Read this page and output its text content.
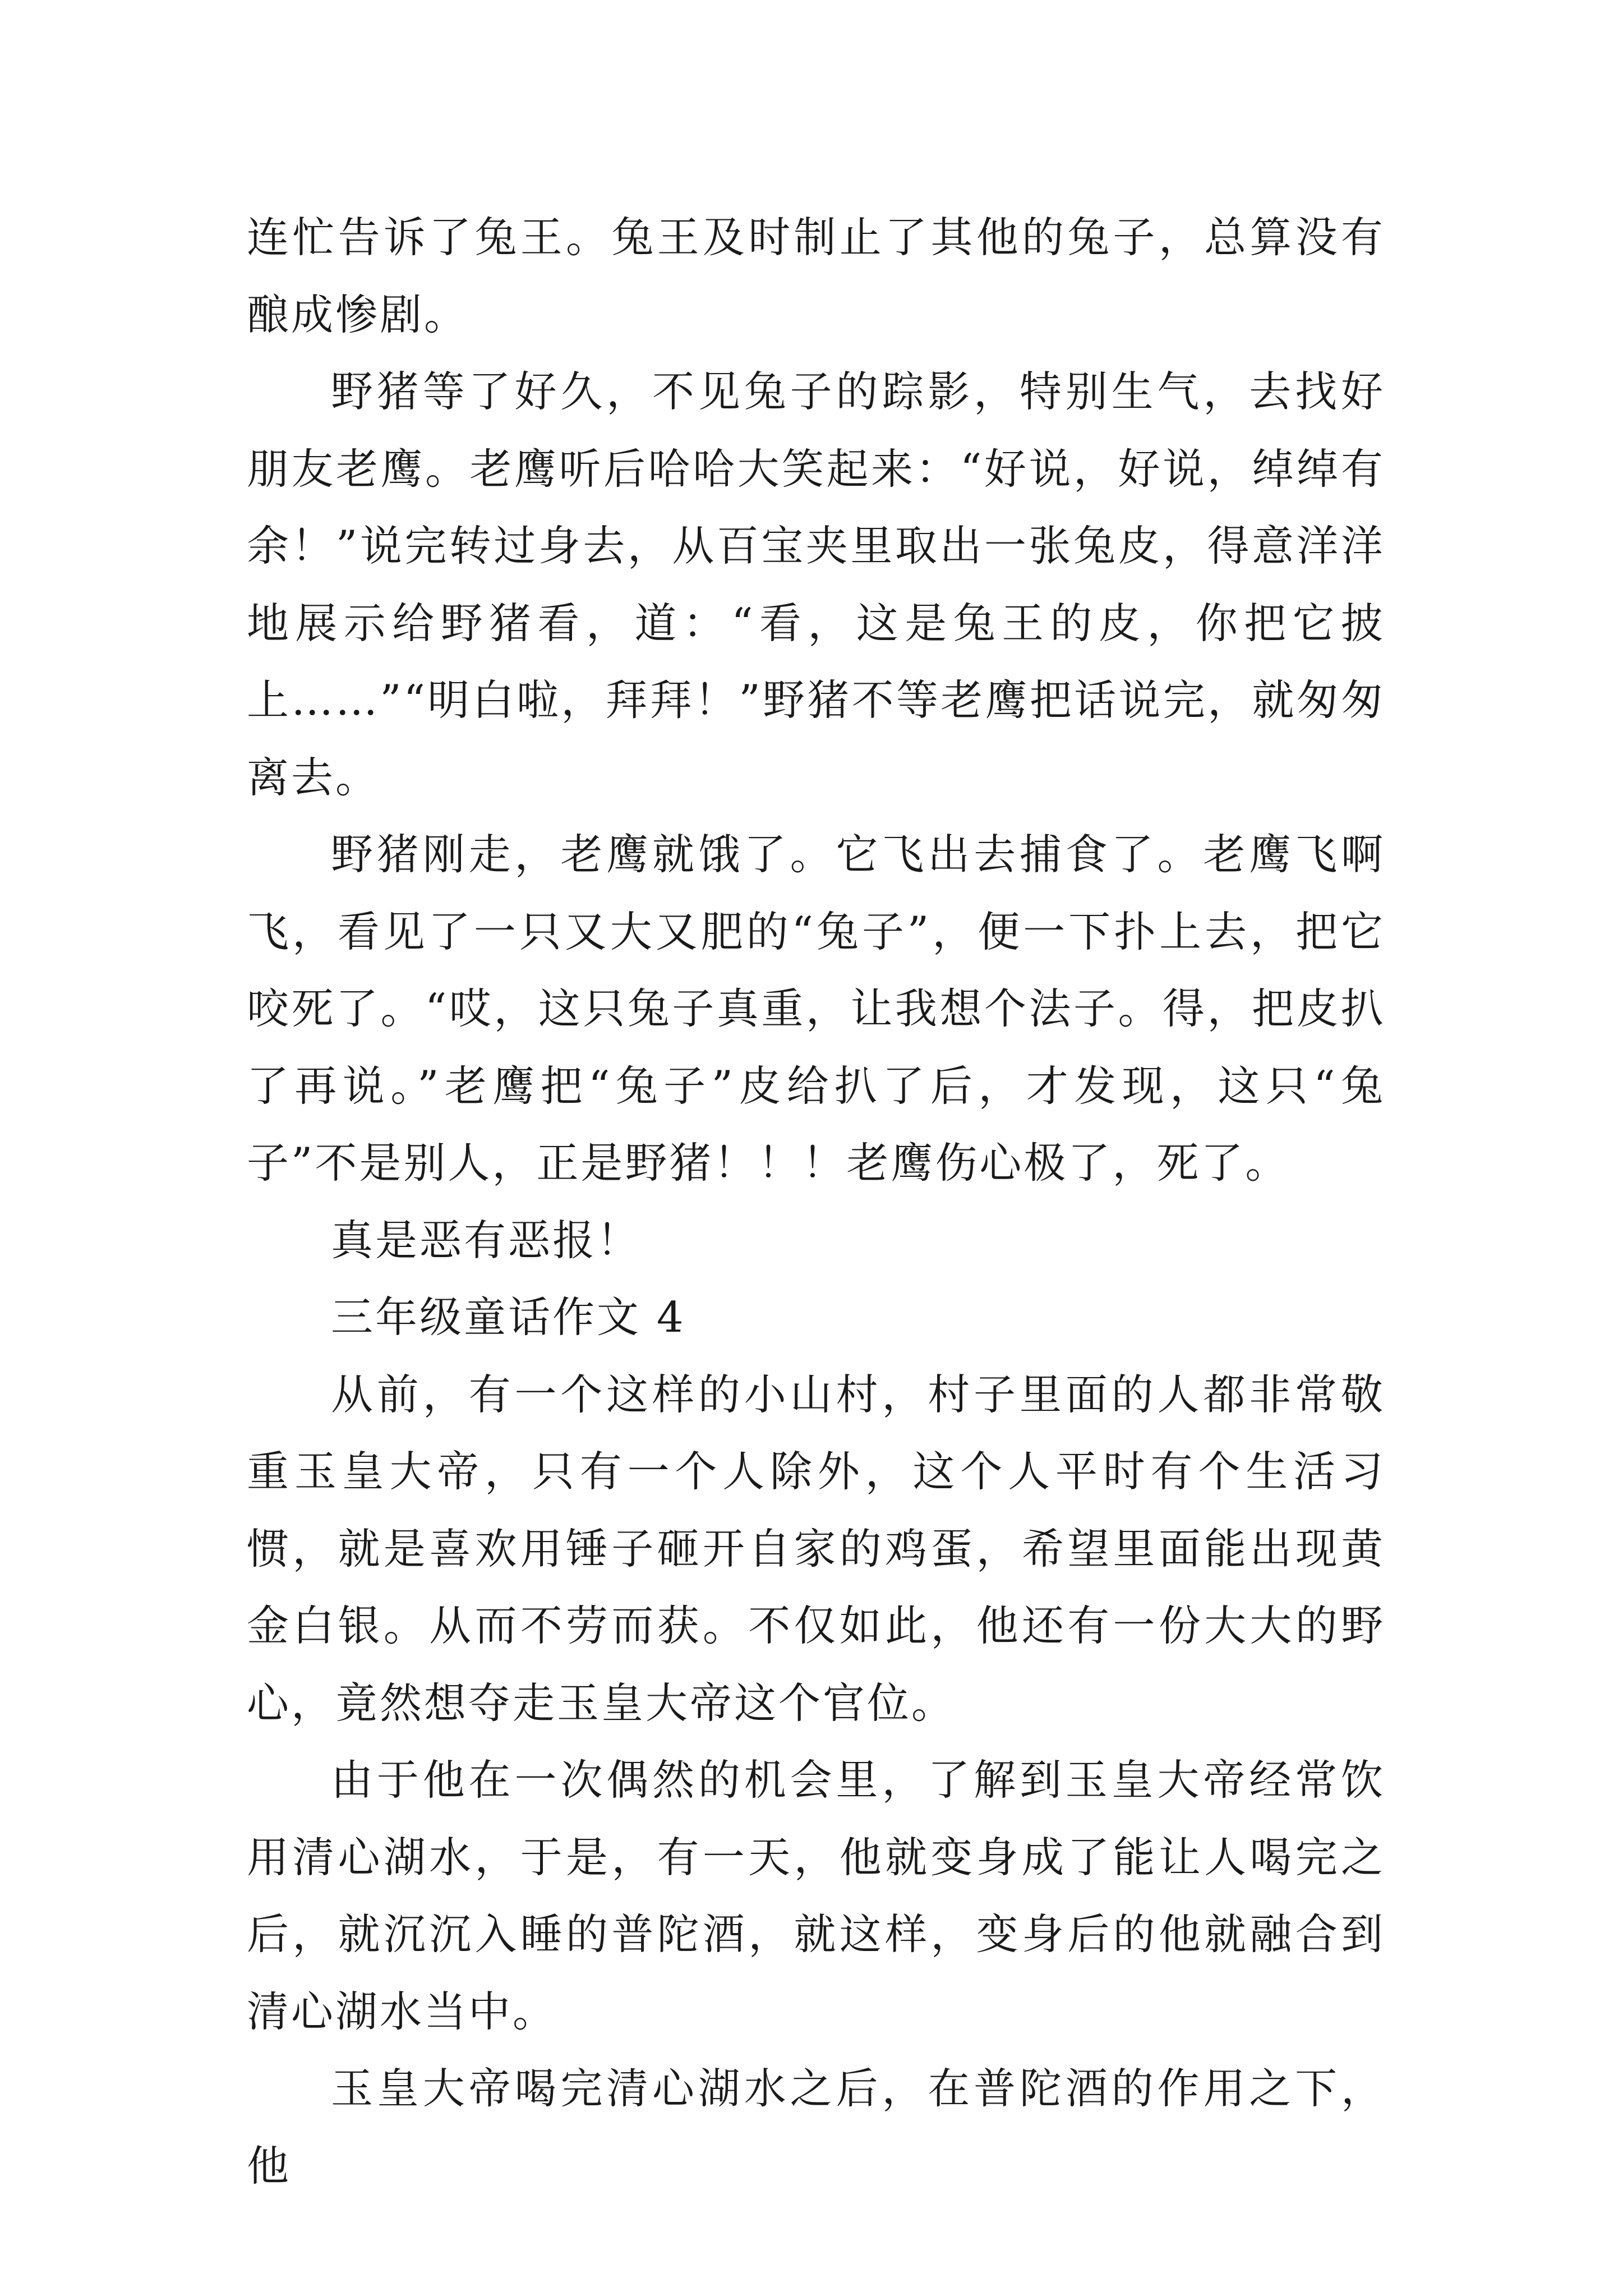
连忙告诉了兔王。兔王及时制止了其他的兔子，总算没有酿成惨剧。

野猪等了好久，不见兔子的踪影，特别生气，去找好朋友老鹰。老鹰听后哈哈大笑起来：“好说，好说，绰绰有余！”说完转过身去，从百宝夹里取出一张兔皮，得意洋洋地展示给野猪看，道：“看，这是兔王的皮，你把它披上……”“明白啦，拜拜！”野猪不等老鹰把话说完，就匆匆离去。

野猪刚走，老鹰就饿了。它飞出去捕食了。老鹰飞啊飞，看见了一只又大又肥的“兔子”，便一下扑上去，把它咬死了。“哎，这只兔子真重，让我想个法子。得，把皮扒了再说。”老鹰把“兔子”皮给扒了后，才发现，这只“兔子”不是别人，正是野猪！！！老鹰伤心极了，死了。

真是恶有恶报！

三年级童话作文 4

从前，有一个这样的小山村，村子里面的人都非常敬重玉皇大帝，只有一个人除外，这个人平时有个生活习惯，就是喜欢用锤子砸开自家的鸡蛋，希望里面能出现黄金白银。从而不劳而获。不仅如此，他还有一份大大的野心，竟然想夺走玉皇大帝这个官位。

由于他在一次偶然的机会里，了解到玉皇大帝经常饮用清心湖水，于是，有一天，他就变身成了能让人喝完之后，就沉沉入睡的普陀酒，就这样，变身后的他就融合到清心湖水当中。

玉皇大帝喝完清心湖水之后，在普陀酒的作用之下，他
